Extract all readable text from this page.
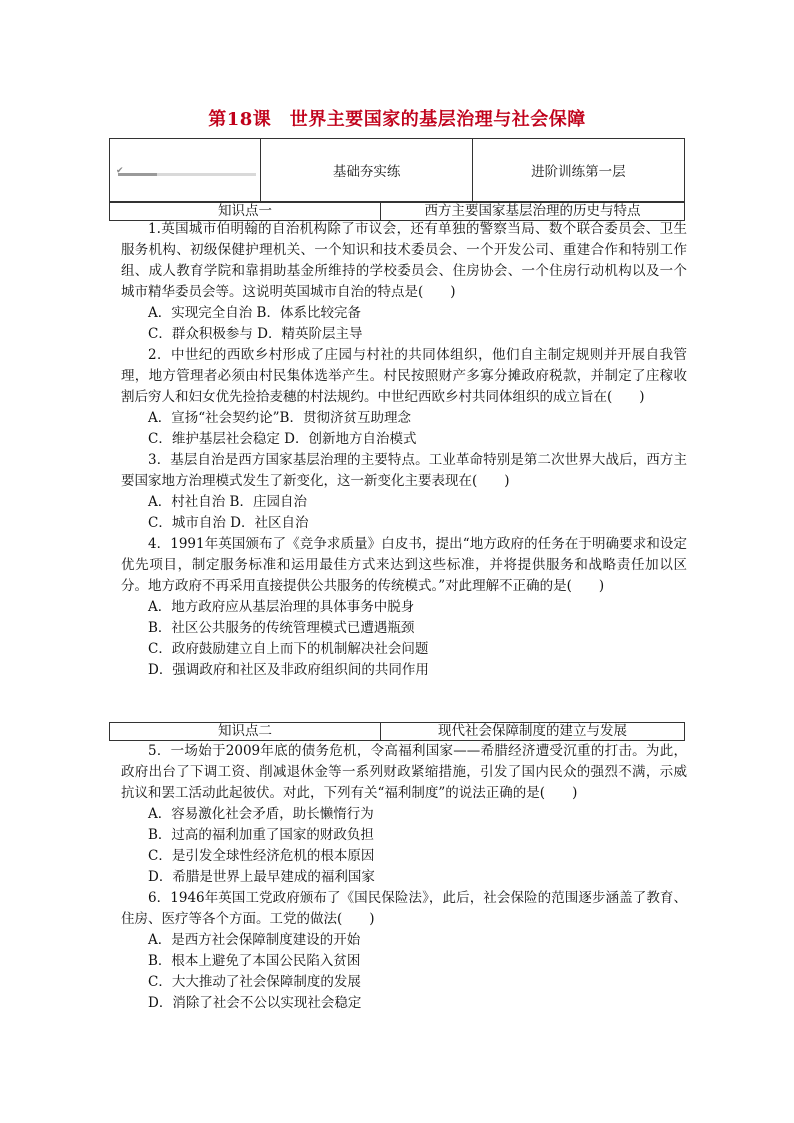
第18课　世界主要国家的基层治理与社会保障
✔	基础夯实练	进阶训练第一层
知识点一	西方主要国家基层治理的历史与特点

1.英国城市伯明翰的自治机构除了市议会，还有单独的警察当局、数个联合委员会、卫生服务机构、初级保健护理机关、一个知识和技术委员会、一个开发公司、重建合作和特别工作组、成人教育学院和靠捐助基金所维持的学校委员会、住房协会、一个住房行动机构以及一个城市精华委员会等。这说明英国城市自治的特点是(　　)

A．实现完全自治 B．体系比较完备

C．群众积极参与 D．精英阶层主导

2．中世纪的西欧乡村形成了庄园与村社的共同体组织，他们自主制定规则并开展自我管理，地方管理者必须由村民集体选举产生。村民按照财产多寡分摊政府税款，并制定了庄稼收割后穷人和妇女优先捡拾麦穗的村法规约。中世纪西欧乡村共同体组织的成立旨在(　　)

A．宣扬“社会契约论”B．贯彻济贫互助理念

C．维护基层社会稳定 D．创新地方自治模式

3．基层自治是西方国家基层治理的主要特点。工业革命特别是第二次世界大战后，西方主要国家地方治理模式发生了新变化，这一新变化主要表现在(　　)

A．村社自治 B．庄园自治

C．城市自治 D．社区自治

4．1991年英国颁布了《竞争求质量》白皮书，提出“地方政府的任务在于明确要求和设定优先项目，制定服务标准和运用最佳方式来达到这些标准，并将提供服务和战略责任加以区分。地方政府不再采用直接提供公共服务的传统模式。”对此理解不正确的是(　　)

A．地方政府应从基层治理的具体事务中脱身

B．社区公共服务的传统管理模式已遭遇瓶颈

C．政府鼓励建立自上而下的机制解决社会问题

D．强调政府和社区及非政府组织间的共同作用

知识点二	现代社会保障制度的建立与发展

5．一场始于2009年底的债务危机，令高福利国家——希腊经济遭受沉重的打击。为此，政府出台了下调工资、削减退休金等一系列财政紧缩措施，引发了国内民众的强烈不满，示威抗议和罢工活动此起彼伏。对此，下列有关“福利制度”的说法正确的是(　　)

A．容易激化社会矛盾，助长懒惰行为

B．过高的福利加重了国家的财政负担

C．是引发全球性经济危机的根本原因

D．希腊是世界上最早建成的福利国家

6．1946年英国工党政府颁布了《国民保险法》，此后，社会保险的范围逐步涵盖了教育、住房、医疗等各个方面。工党的做法(　　)

A．是西方社会保障制度建设的开始

B．根本上避免了本国公民陷入贫困

C．大大推动了社会保障制度的发展

D．消除了社会不公以实现社会稳定
